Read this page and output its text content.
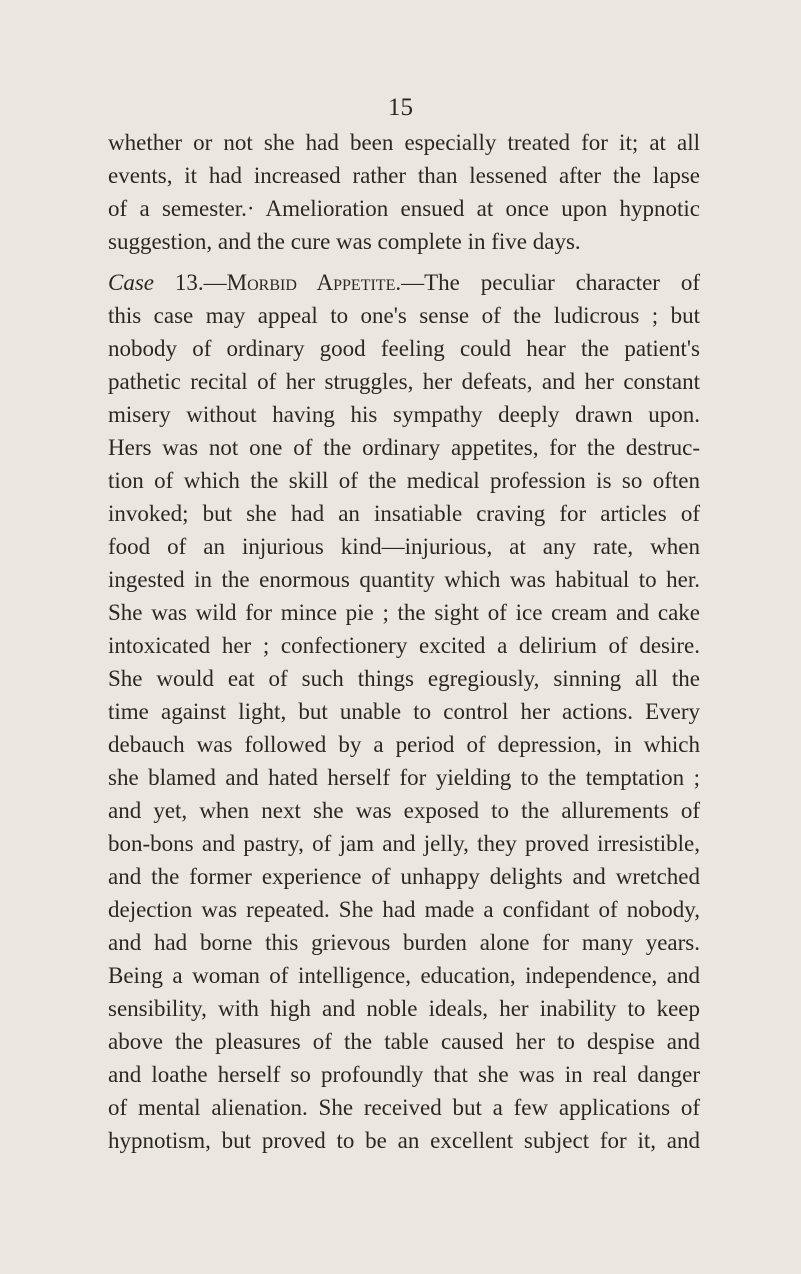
15
whether or not she had been especially treated for it; at all
events, it had increased rather than lessened after the lapse
of a semester.· Amelioration ensued at once upon hypnotic
suggestion, and the cure was complete in five days.
Case 13.—Morbid Appetite.—The peculiar character of
this case may appeal to one's sense of the ludicrous ; but
nobody of ordinary good feeling could hear the patient's
pathetic recital of her struggles, her defeats, and her constant
misery without having his sympathy deeply drawn upon.
Hers was not one of the ordinary appetites, for the destruc-
tion of which the skill of the medical profession is so often
invoked; but she had an insatiable craving for articles of
food of an injurious kind—injurious, at any rate, when
ingested in the enormous quantity which was habitual to her.
She was wild for mince pie ; the sight of ice cream and cake
intoxicated her ; confectionery excited a delirium of desire.
She would eat of such things egregiously, sinning all the
time against light, but unable to control her actions. Every
debauch was followed by a period of depression, in which
she blamed and hated herself for yielding to the temptation ;
and yet, when next she was exposed to the allurements of
bon-bons and pastry, of jam and jelly, they proved irresistible,
and the former experience of unhappy delights and wretched
dejection was repeated. She had made a confidant of nobody,
and had borne this grievous burden alone for many years.
Being a woman of intelligence, education, independence, and
sensibility, with high and noble ideals, her inability to keep
above the pleasures of the table caused her to despise and
and loathe herself so profoundly that she was in real danger
of mental alienation. She received but a few applications of
hypnotism, but proved to be an excellent subject for it, and
